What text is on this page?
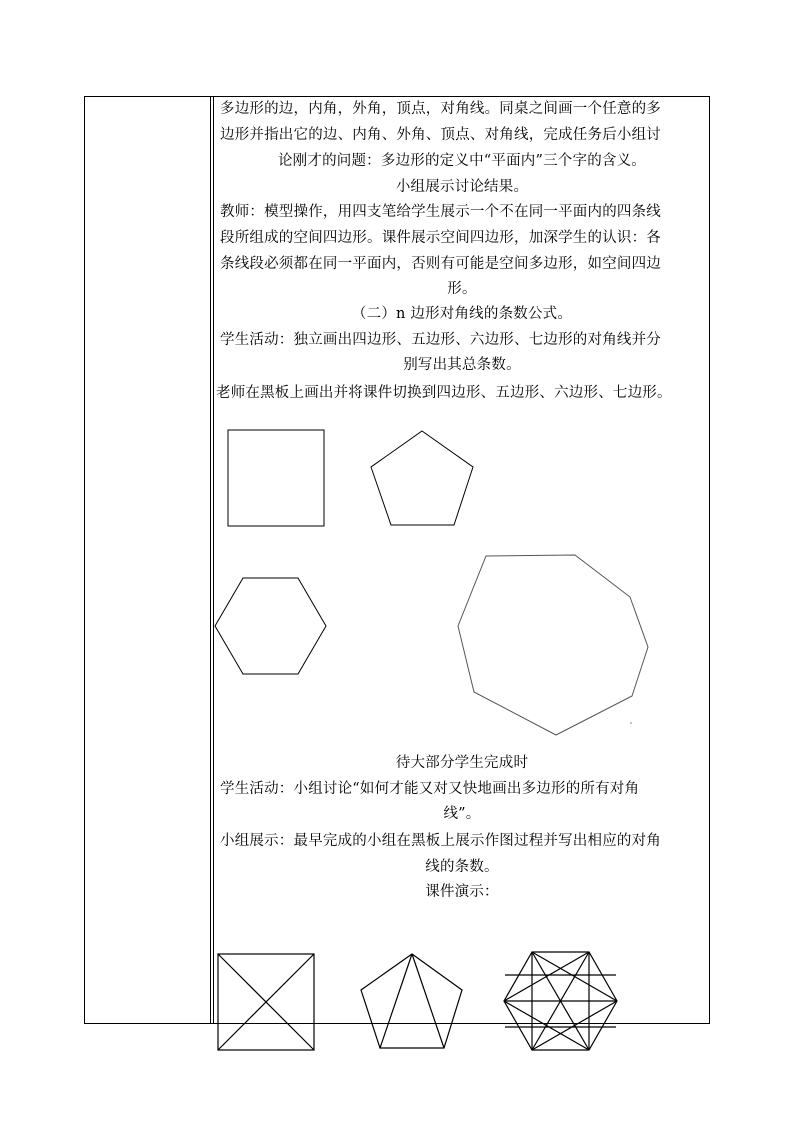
多边形的边，内角，外角，顶点，对角线。同桌之间画一个任意的多
边形并指出它的边、内角、外角、顶点、对角线，完成任务后小组讨
论刚才的问题：多边形的定义中“平面内”三个字的含义。
小组展示讨论结果。
教师：模型操作，用四支笔给学生展示一个不在同一平面内的四条线
段所组成的空间四边形。课件展示空间四边形，加深学生的认识：各
条线段必须都在同一平面内，否则有可能是空间多边形，如空间四边
形。
（二）n 边形对角线的条数公式。
学生活动：独立画出四边形、五边形、六边形、七边形的对角线并分
别写出其总条数。
老师在黑板上画出并将课件切换到四边形、五边形、六边形、七边形。
待大部分学生完成时
学生活动：小组讨论“如何才能又对又快地画出多边形的所有对角
线”。
小组展示：最早完成的小组在黑板上展示作图过程并写出相应的对角
线的条数。
课件演示：
